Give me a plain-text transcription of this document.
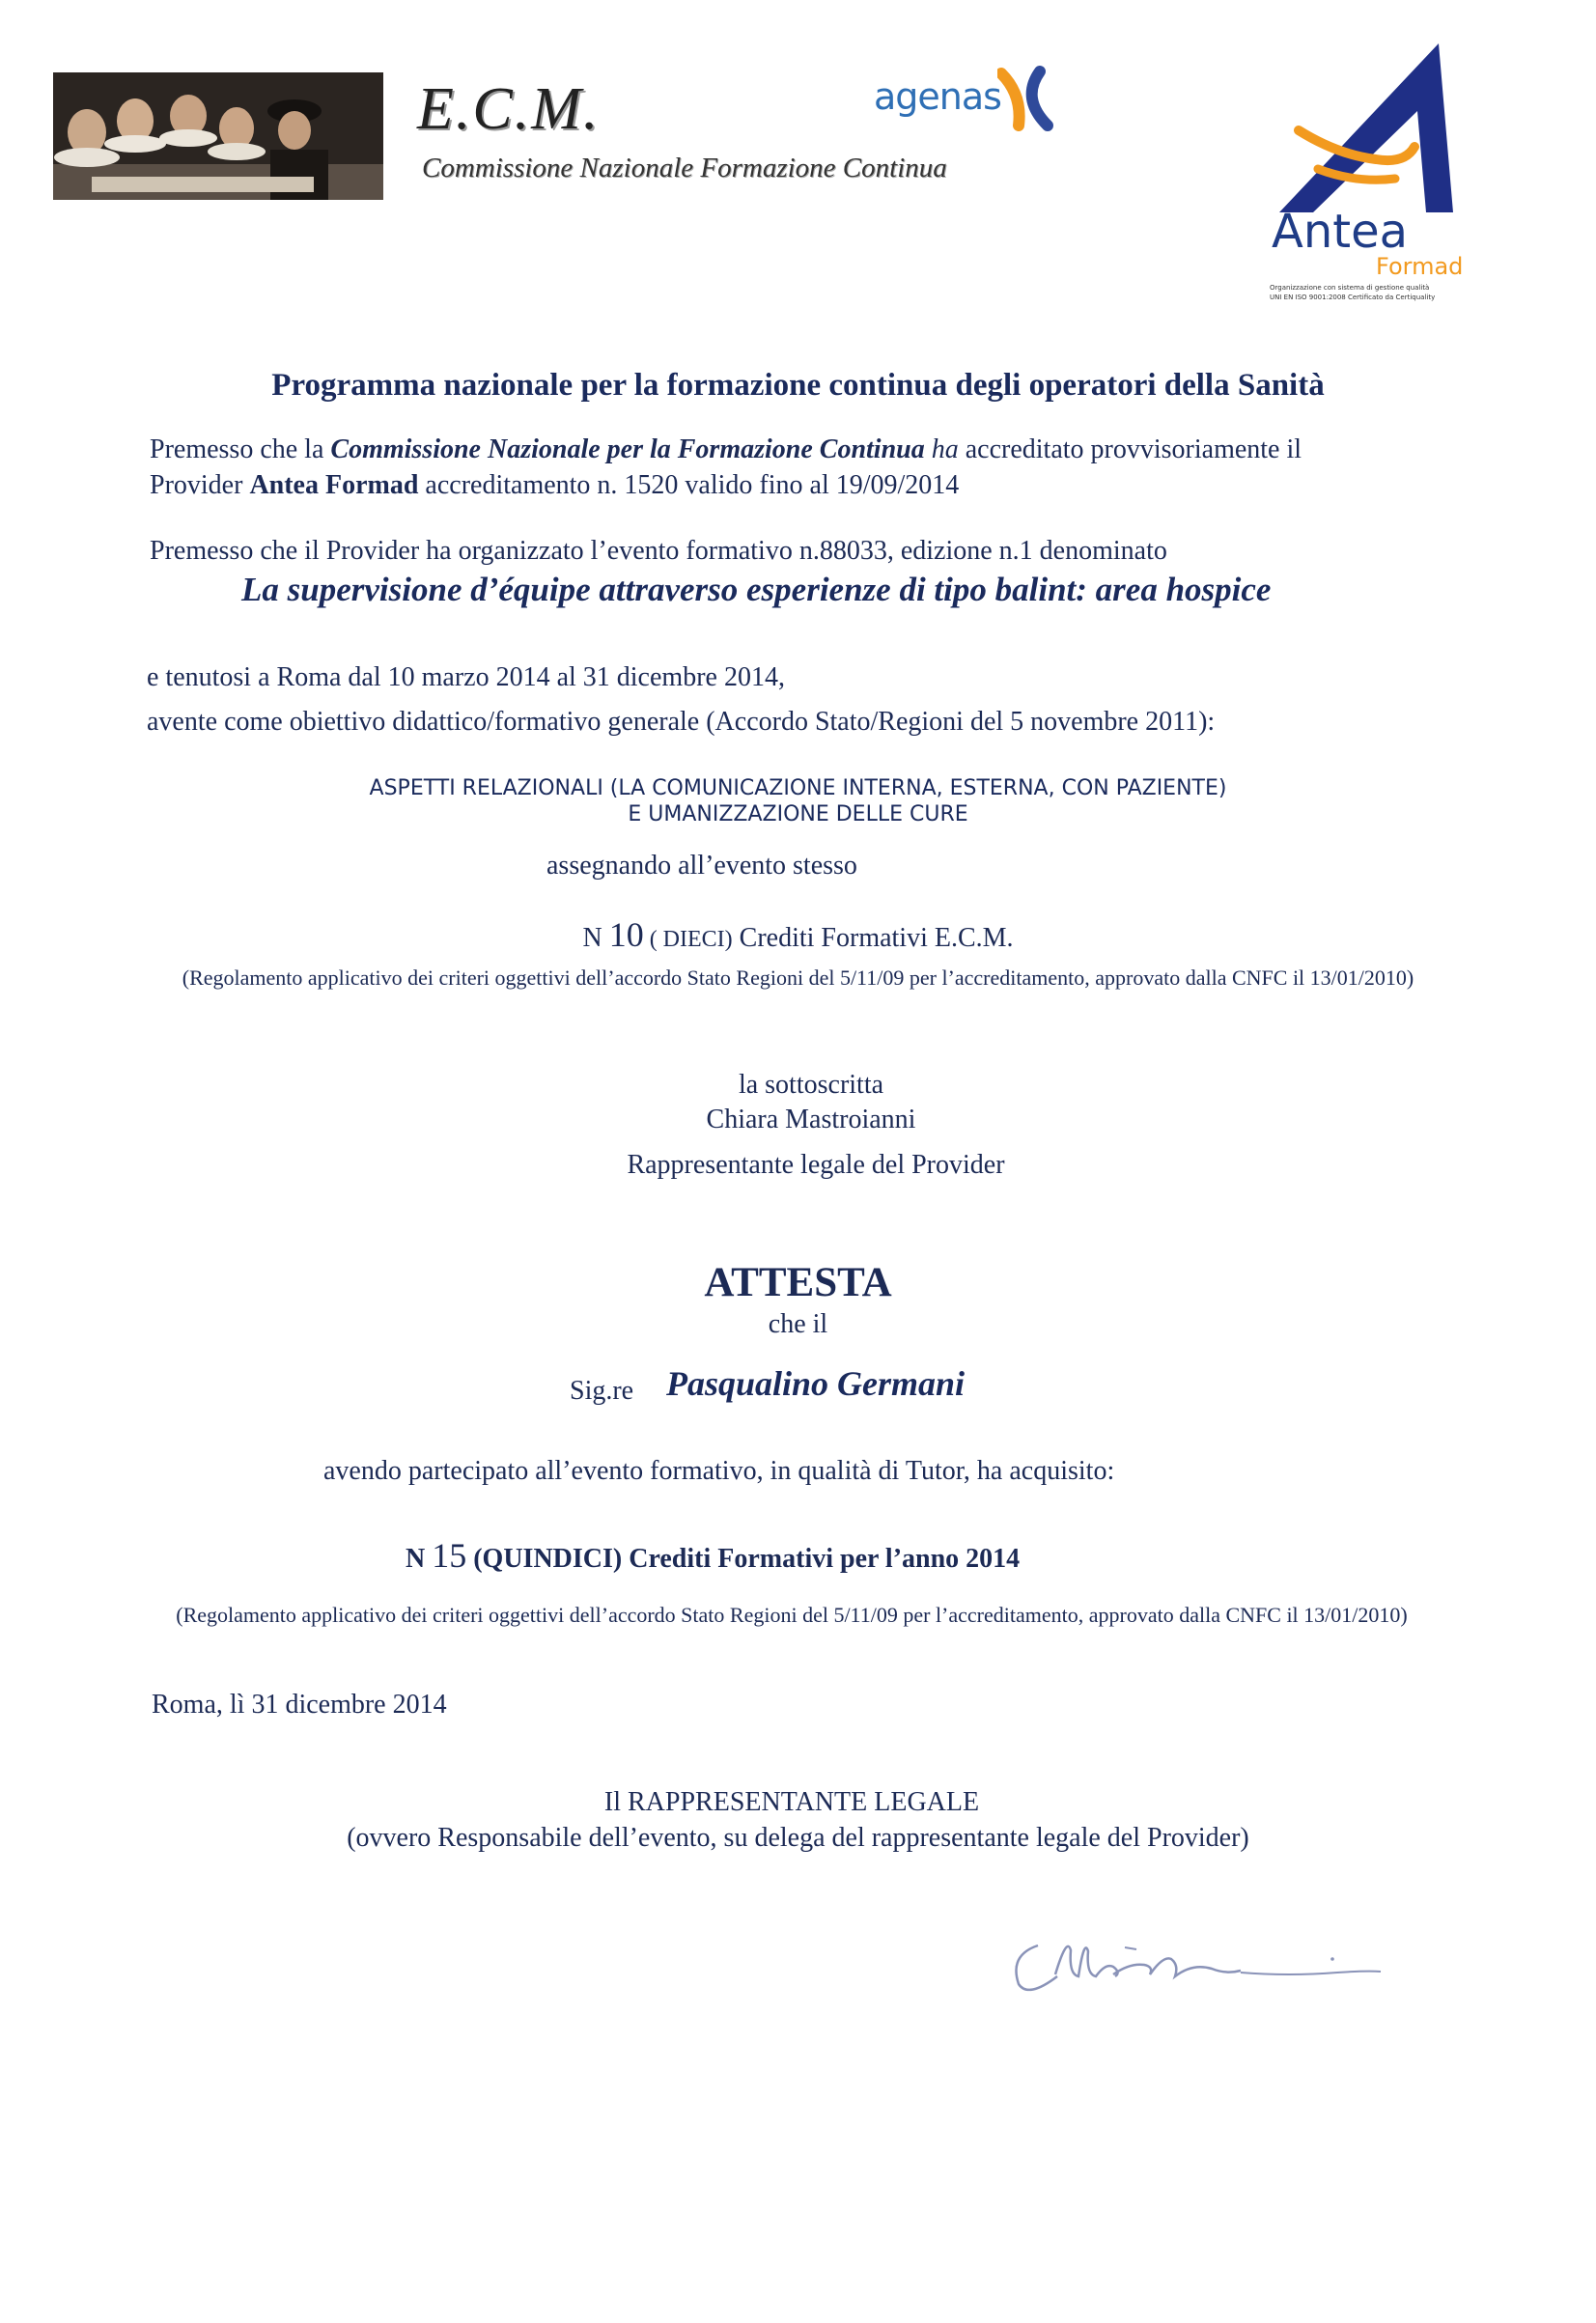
E.C.M.
Commissione Nazionale Formazione Continua
agenas
Antea
Formad
Organizzazione con sistema di gestione qualità
UNI EN ISO 9001:2008 Certificato da Certiquality
Programma nazionale per la formazione continua degli operatori della Sanità
Premesso che la Commissione Nazionale per la Formazione Continua ha accreditato provvisoriamente il
Provider Antea Formad accreditamento n. 1520 valido fino al 19/09/2014
Premesso che il Provider ha organizzato l’evento formativo n.88033, edizione n.1 denominato
La supervisione d’équipe attraverso esperienze di tipo balint: area hospice
e tenutosi a Roma dal 10 marzo 2014 al 31 dicembre 2014,
avente come obiettivo didattico/formativo generale (Accordo Stato/Regioni del 5 novembre 2011):
ASPETTI RELAZIONALI (LA COMUNICAZIONE INTERNA, ESTERNA, CON PAZIENTE)
E UMANIZZAZIONE DELLE CURE
assegnando all’evento stesso
N 10 ( DIECI) Crediti Formativi E.C.M.
(Regolamento applicativo dei criteri oggettivi dell’accordo Stato Regioni del 5/11/09 per l’accreditamento, approvato dalla CNFC il 13/01/2010)
la sottoscritta
Chiara Mastroianni
Rappresentante legale del Provider
ATTESTA
che il
Sig.re Pasqualino Germani
avendo partecipato all’evento formativo, in qualità di Tutor, ha acquisito:
N 15 (QUINDICI) Crediti Formativi per l’anno 2014
(Regolamento applicativo dei criteri oggettivi dell’accordo Stato Regioni del 5/11/09 per l’accreditamento, approvato dalla CNFC il 13/01/2010)
Roma, lì 31 dicembre 2014
Il RAPPRESENTANTE LEGALE
(ovvero Responsabile dell’evento, su delega del rappresentante legale del Provider)
